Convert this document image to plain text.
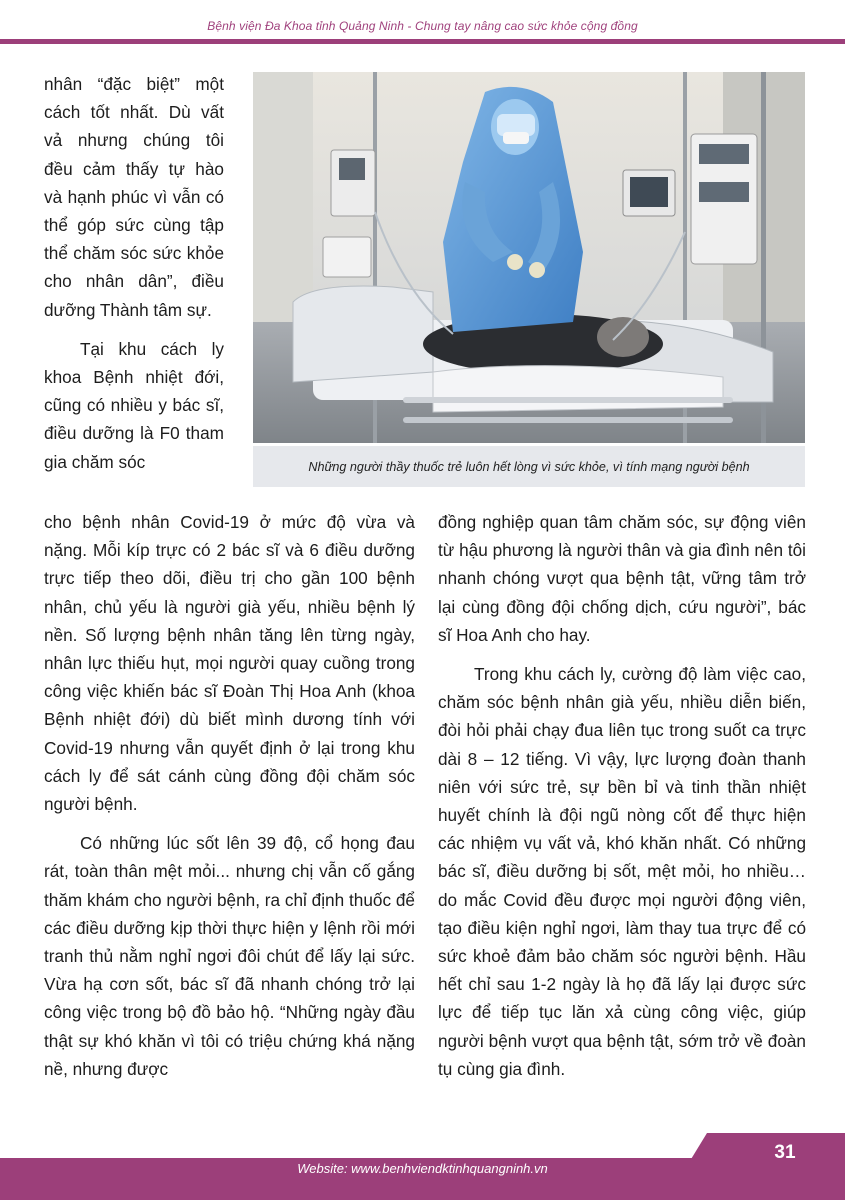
Bệnh viện Đa Khoa tỉnh Quảng Ninh - Chung tay nâng cao sức khỏe cộng đồng

nhân “đặc biệt” một cách tốt nhất. Dù vất vả nhưng chúng tôi đều cảm thấy tự hào và hạnh phúc vì vẫn có thể góp sức cùng tập thể chăm sóc sức khỏe cho nhân dân”, điều dưỡng Thành tâm sự.

Tại khu cách ly khoa Bệnh nhiệt đới, cũng có nhiều y bác sĩ, điều dưỡng là F0 tham gia chăm sóc	Những người thầy thuốc trẻ luôn hết lòng vì sức khỏe, vì tính mạng người bệnh

cho bệnh nhân Covid-19 ở mức độ vừa và nặng. Mỗi kíp trực có 2 bác sĩ và 6 điều dưỡng trực tiếp theo dõi, điều trị cho gần 100 bệnh nhân, chủ yếu là người già yếu, nhiều bệnh lý nền. Số lượng bệnh nhân tăng lên từng ngày, nhân lực thiếu hụt, mọi người quay cuồng trong công việc khiến bác sĩ Đoàn Thị Hoa Anh (khoa Bệnh nhiệt đới) dù biết mình dương tính với Covid-19 nhưng vẫn quyết định ở lại trong khu cách ly để sát cánh cùng đồng đội chăm sóc người bệnh.

Có những lúc sốt lên 39 độ, cổ họng đau rát, toàn thân mệt mỏi... nhưng chị vẫn cố gắng thăm khám cho người bệnh, ra chỉ định thuốc để các điều dưỡng kịp thời thực hiện y lệnh rồi mới tranh thủ nằm nghỉ ngơi đôi chút để lấy lại sức. Vừa hạ cơn sốt, bác sĩ đã nhanh chóng trở lại công việc trong bộ đồ bảo hộ. “Những ngày đầu thật sự khó khăn vì tôi có triệu chứng khá nặng nề, nhưng được

đồng nghiệp quan tâm chăm sóc, sự động viên từ hậu phương là người thân và gia đình nên tôi nhanh chóng vượt qua bệnh tật, vững tâm trở lại cùng đồng đội chống dịch, cứu người”, bác sĩ Hoa Anh cho hay.

Trong khu cách ly, cường độ làm việc cao, chăm sóc bệnh nhân già yếu, nhiều diễn biến, đòi hỏi phải chạy đua liên tục trong suốt ca trực dài 8 – 12 tiếng. Vì vậy, lực lượng đoàn thanh niên với sức trẻ, sự bền bỉ và tinh thần nhiệt huyết chính là đội ngũ nòng cốt để thực hiện các nhiệm vụ vất vả, khó khăn nhất. Có những bác sĩ, điều dưỡng bị sốt, mệt mỏi, ho nhiều… do mắc Covid đều được mọi người động viên, tạo điều kiện nghỉ ngơi, làm thay tua trực để có sức khoẻ đảm bảo chăm sóc người bệnh. Hầu hết chỉ sau 1-2 ngày là họ đã lấy lại được sức lực để tiếp tục lăn xả cùng công việc, giúp người bệnh vượt qua bệnh tật, sớm trở về đoàn tụ cùng gia đình.

31
Website: www.benhviendktinhquangninh.vn
